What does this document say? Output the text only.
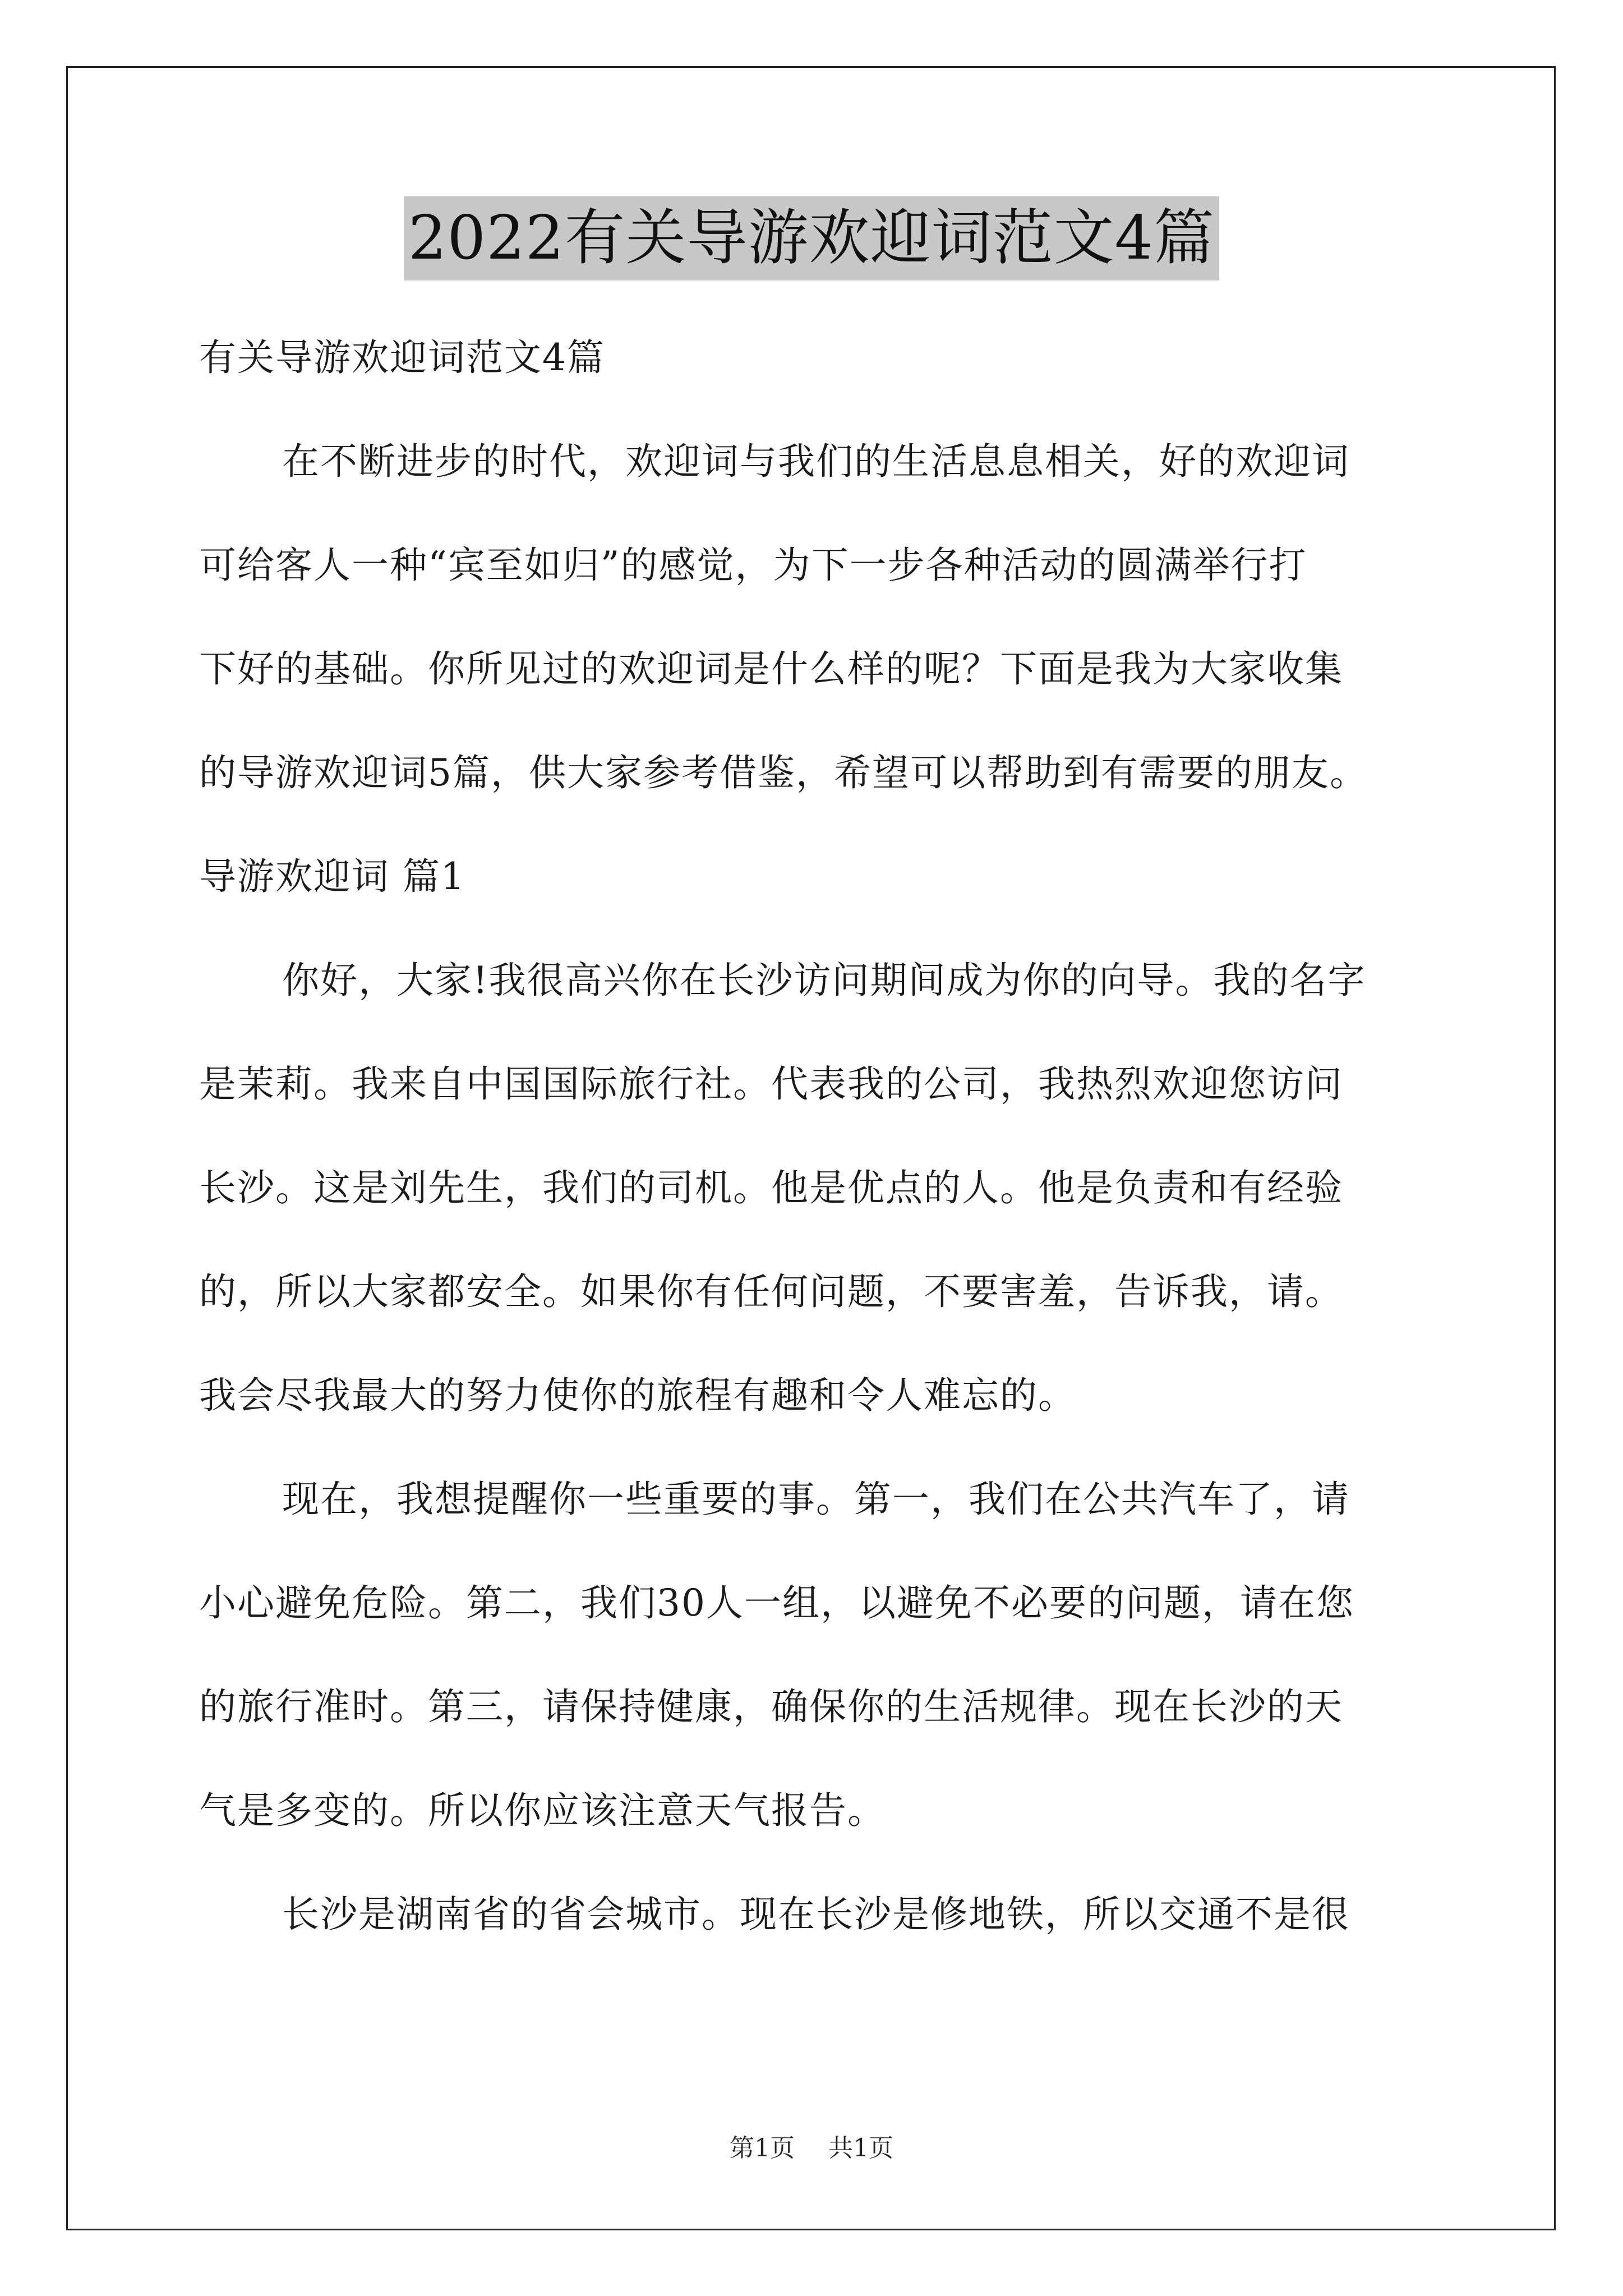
2022有关导游欢迎词范文4篇
有关导游欢迎词范文4篇
在不断进步的时代，欢迎词与我们的生活息息相关，好的欢迎词
可给客人一种“宾至如归”的感觉，为下一步各种活动的圆满举行打
下好的基础。你所见过的欢迎词是什么样的呢？下面是我为大家收集
的导游欢迎词5篇，供大家参考借鉴，希望可以帮助到有需要的朋友。
导游欢迎词 篇1
你好，大家!我很高兴你在长沙访问期间成为你的向导。我的名字
是茉莉。我来自中国国际旅行社。代表我的公司，我热烈欢迎您访问
长沙。这是刘先生，我们的司机。他是优点的人。他是负责和有经验
的，所以大家都安全。如果你有任何问题，不要害羞，告诉我，请。
我会尽我最大的努力使你的旅程有趣和令人难忘的。
现在，我想提醒你一些重要的事。第一，我们在公共汽车了，请
小心避免危险。第二，我们30人一组，以避免不必要的问题，请在您
的旅行准时。第三，请保持健康，确保你的生活规律。现在长沙的天
气是多变的。所以你应该注意天气报告。
长沙是湖南省的省会城市。现在长沙是修地铁，所以交通不是很
第1页 共1页
